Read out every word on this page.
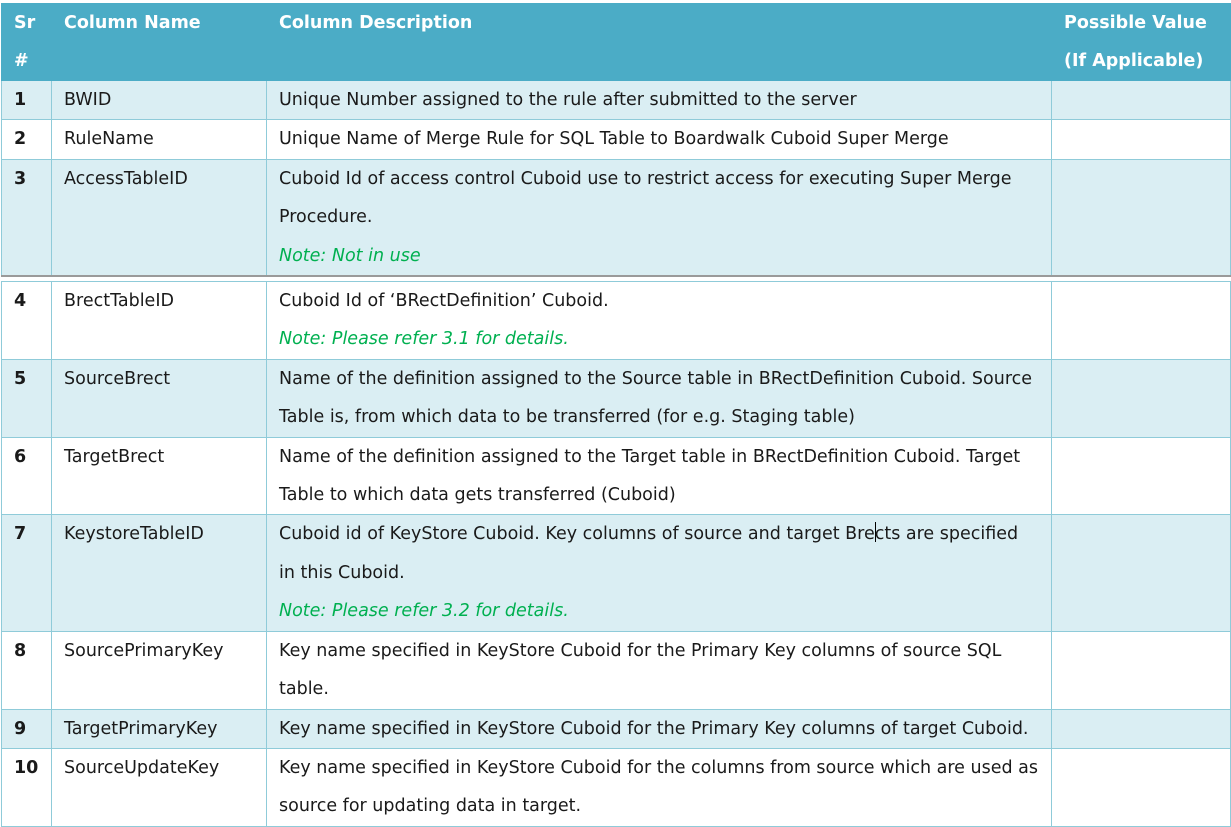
Sr
#	Column Name	Column Description	Possible Value
(If Applicable)
1	BWID	Unique Number assigned to the rule after submitted to the server	
2	RuleName	Unique Name of Merge Rule for SQL Table to Boardwalk Cuboid Super Merge	
3	AccessTableID	Cuboid Id of access control Cuboid use to restrict access for executing Super Merge Procedure.
Note: Not in use	

4	BrectTableID	Cuboid Id of ‘BRectDefinition’ Cuboid.
Note: Please refer 3.1 for details.	

5	SourceBrect	Name of the definition assigned to the Source table in BRectDefinition Cuboid. Source Table is, from which data to be transferred (for e.g. Staging table)	
6	TargetBrect	Name of the definition assigned to the Target table in BRectDefinition Cuboid. Target Table to which data gets transferred (Cuboid)	
7	KeystoreTableID	Cuboid id of KeyStore Cuboid. Key columns of source and target Brects are specified in this Cuboid.
Note: Please refer 3.2 for details.	

8	SourcePrimaryKey	Key name specified in KeyStore Cuboid for the Primary Key columns of source SQL table.	
9	TargetPrimaryKey	Key name specified in KeyStore Cuboid for the Primary Key columns of target Cuboid.	
10	SourceUpdateKey	Key name specified in KeyStore Cuboid for the columns from source which are used as source for updating data in target.	
